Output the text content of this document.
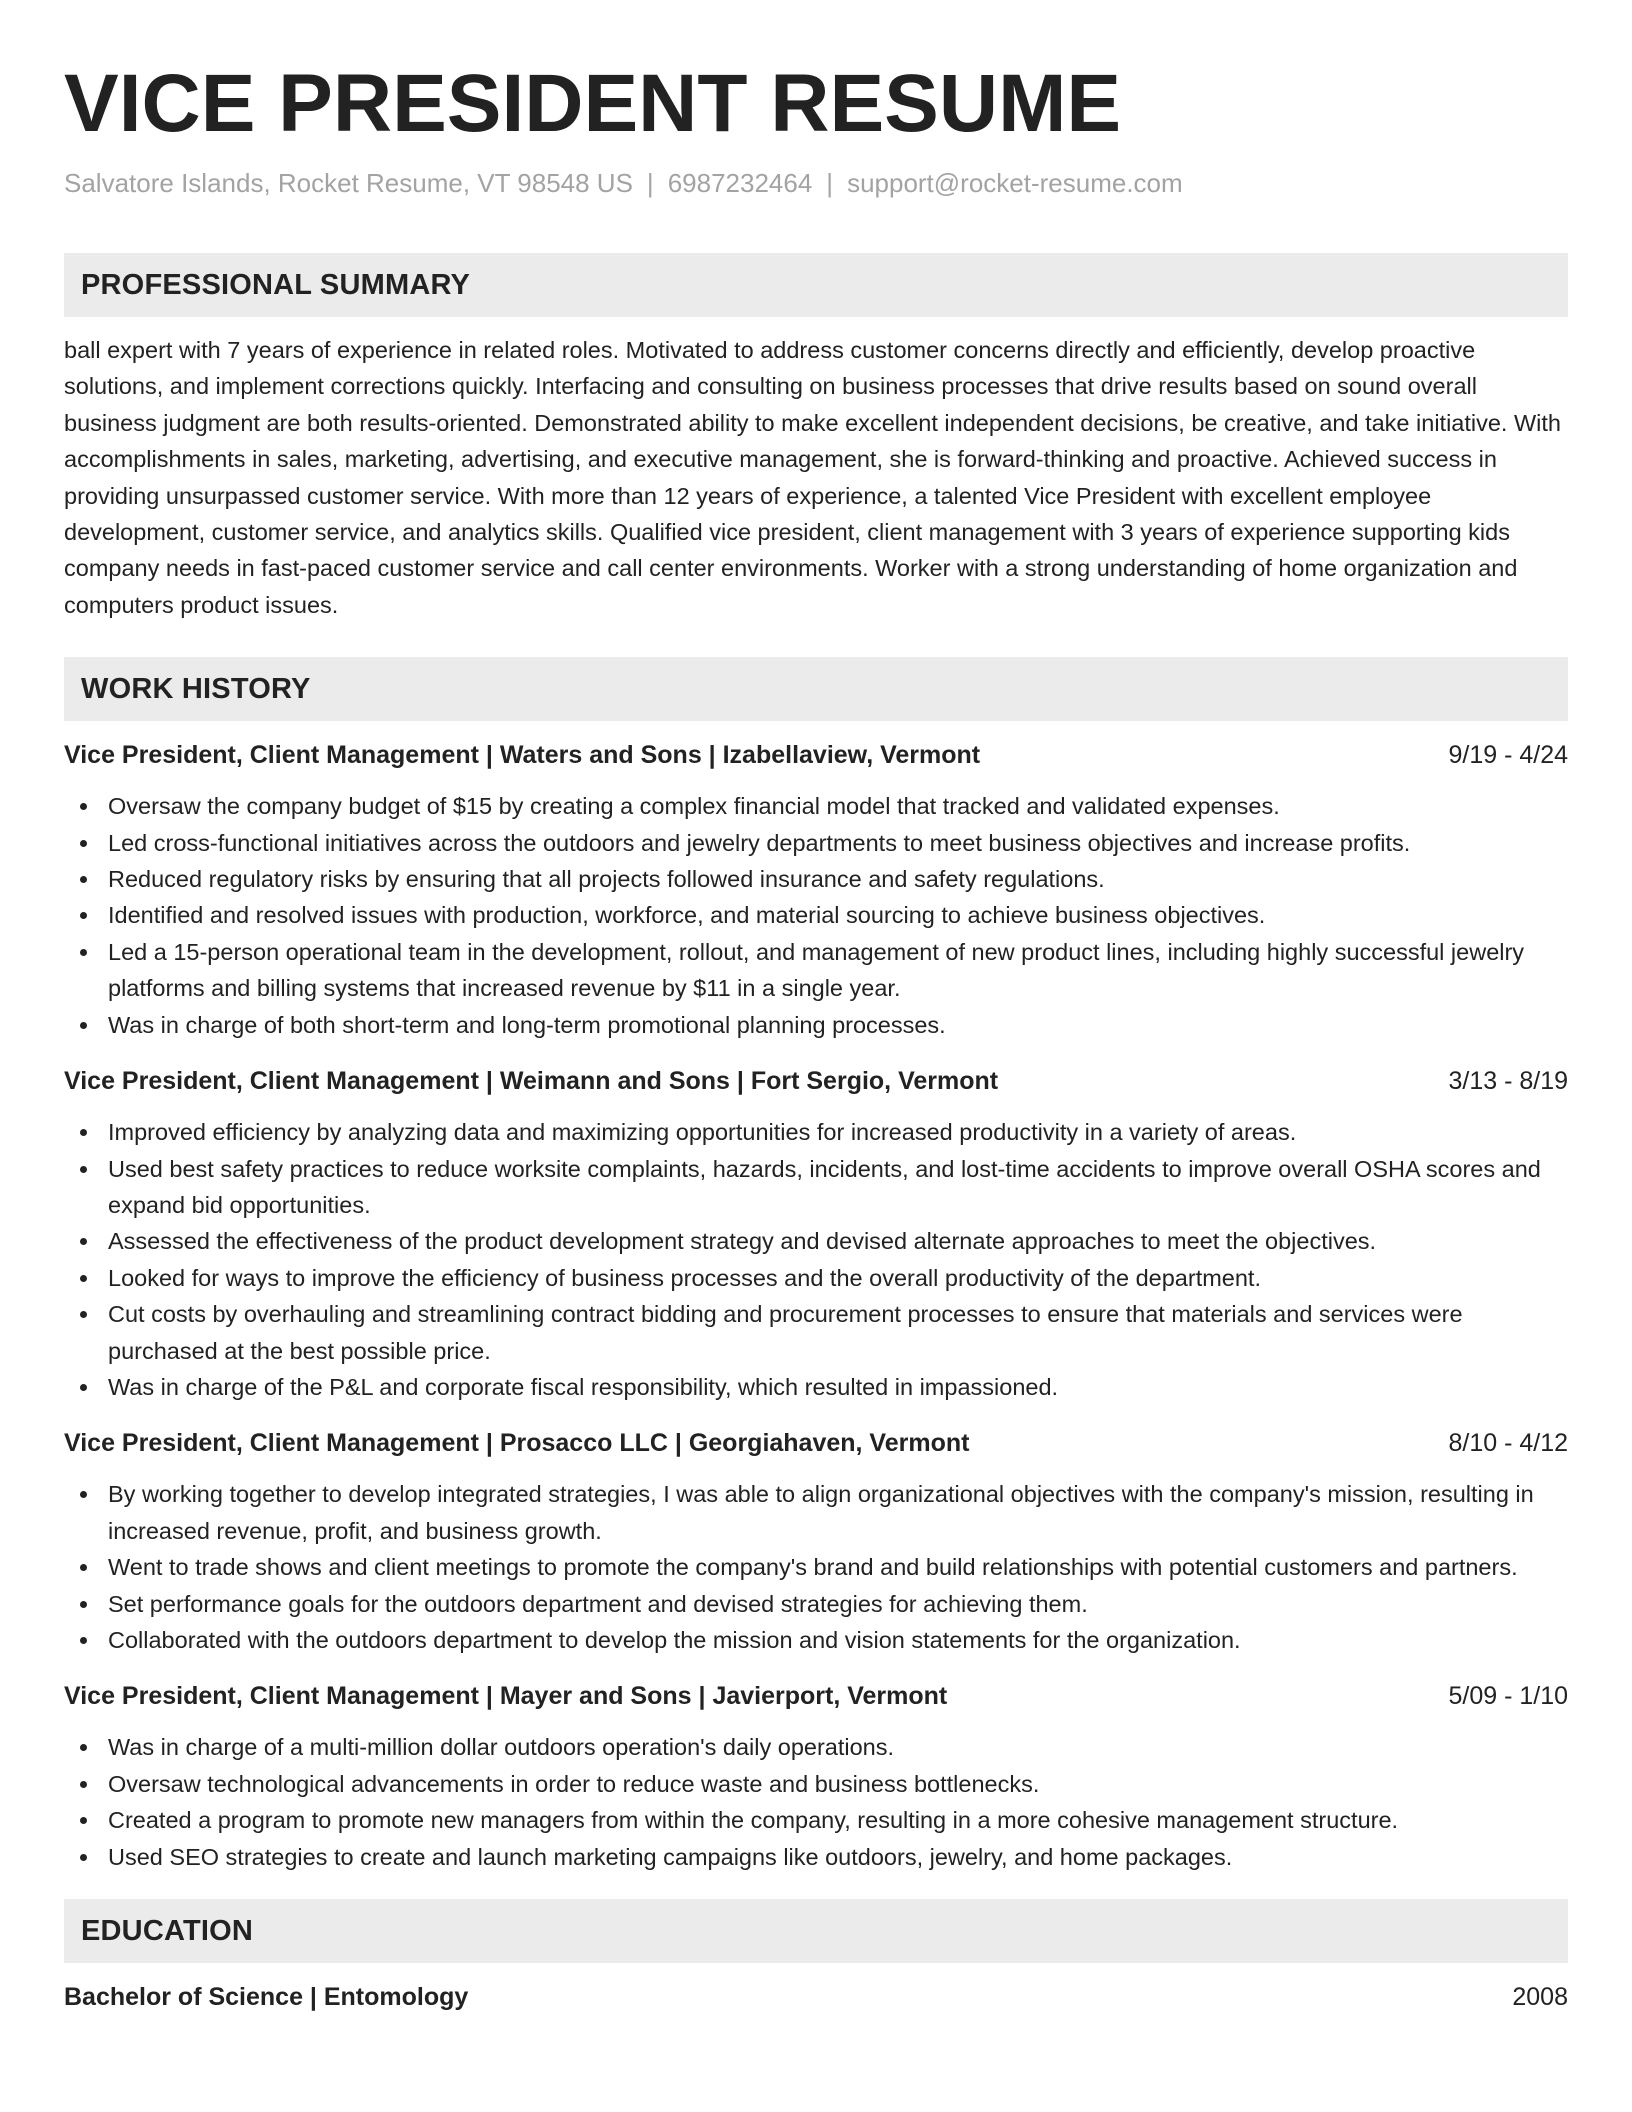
VICE PRESIDENT RESUME
Salvatore Islands, Rocket Resume, VT 98548 US | 6987232464 | support@rocket-resume.com
PROFESSIONAL SUMMARY
ball expert with 7 years of experience in related roles. Motivated to address customer concerns directly and efficiently, develop proactive solutions, and implement corrections quickly. Interfacing and consulting on business processes that drive results based on sound overall business judgment are both results-oriented. Demonstrated ability to make excellent independent decisions, be creative, and take initiative. With accomplishments in sales, marketing, advertising, and executive management, she is forward-thinking and proactive. Achieved success in providing unsurpassed customer service. With more than 12 years of experience, a talented Vice President with excellent employee development, customer service, and analytics skills. Qualified vice president, client management with 3 years of experience supporting kids company needs in fast-paced customer service and call center environments. Worker with a strong understanding of home organization and computers product issues.
WORK HISTORY
Vice President, Client Management | Waters and Sons | Izabellaview, Vermont	9/19 - 4/24
Oversaw the company budget of $15 by creating a complex financial model that tracked and validated expenses.
Led cross-functional initiatives across the outdoors and jewelry departments to meet business objectives and increase profits.
Reduced regulatory risks by ensuring that all projects followed insurance and safety regulations.
Identified and resolved issues with production, workforce, and material sourcing to achieve business objectives.
Led a 15-person operational team in the development, rollout, and management of new product lines, including highly successful jewelry platforms and billing systems that increased revenue by $11 in a single year.
Was in charge of both short-term and long-term promotional planning processes.
Vice President, Client Management | Weimann and Sons | Fort Sergio, Vermont	3/13 - 8/19
Improved efficiency by analyzing data and maximizing opportunities for increased productivity in a variety of areas.
Used best safety practices to reduce worksite complaints, hazards, incidents, and lost-time accidents to improve overall OSHA scores and expand bid opportunities.
Assessed the effectiveness of the product development strategy and devised alternate approaches to meet the objectives.
Looked for ways to improve the efficiency of business processes and the overall productivity of the department.
Cut costs by overhauling and streamlining contract bidding and procurement processes to ensure that materials and services were purchased at the best possible price.
Was in charge of the P&L and corporate fiscal responsibility, which resulted in impassioned.
Vice President, Client Management | Prosacco LLC | Georgiahaven, Vermont	8/10 - 4/12
By working together to develop integrated strategies, I was able to align organizational objectives with the company's mission, resulting in increased revenue, profit, and business growth.
Went to trade shows and client meetings to promote the company's brand and build relationships with potential customers and partners.
Set performance goals for the outdoors department and devised strategies for achieving them.
Collaborated with the outdoors department to develop the mission and vision statements for the organization.
Vice President, Client Management | Mayer and Sons | Javierport, Vermont	5/09 - 1/10
Was in charge of a multi-million dollar outdoors operation's daily operations.
Oversaw technological advancements in order to reduce waste and business bottlenecks.
Created a program to promote new managers from within the company, resulting in a more cohesive management structure.
Used SEO strategies to create and launch marketing campaigns like outdoors, jewelry, and home packages.
EDUCATION
Bachelor of Science | Entomology	2008
